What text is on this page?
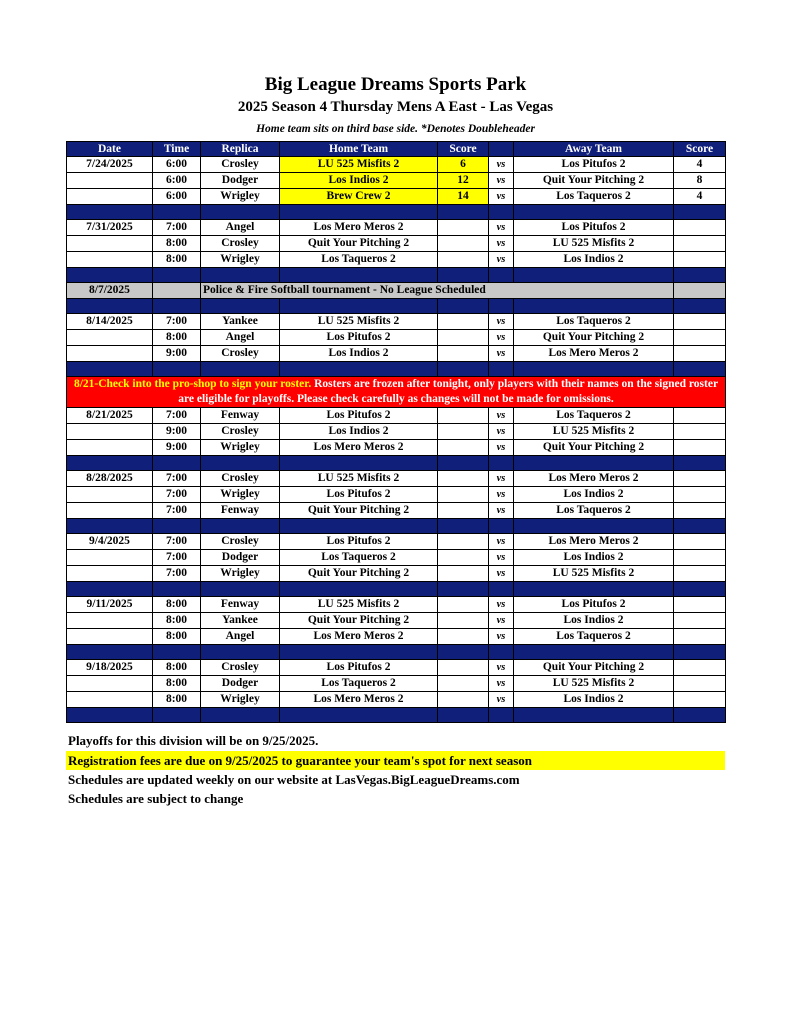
Big League Dreams Sports Park
2025 Season 4 Thursday Mens A East - Las Vegas
Home team sits on third base side. *Denotes Doubleheader
Date	Time	Replica	Home Team	Score		Away Team	Score
7/24/2025	6:00	Crosley	LU 525 Misfits 2	6	vs	Los Pitufos 2	4
	6:00	Dodger	Los Indios 2	12	vs	Quit Your Pitching 2	8
	6:00	Wrigley	Brew Crew 2	14	vs	Los Taqueros 2	4

7/31/2025	7:00	Angel	Los Mero Meros 2		vs	Los Pitufos 2	
	8:00	Crosley	Quit Your Pitching 2		vs	LU 525 Misfits 2	
	8:00	Wrigley	Los Taqueros 2		vs	Los Indios 2	

8/7/2025		Police & Fire Softball tournament - No League Scheduled					

8/14/2025	7:00	Yankee	LU 525 Misfits 2		vs	Los Taqueros 2	
	8:00	Angel	Los Pitufos 2		vs	Quit Your Pitching 2	
	9:00	Crosley	Los Indios 2		vs	Los Mero Meros 2	

8/21-Check into the pro-shop to sign your roster. Rosters are frozen after tonight, only players with their names on the signed roster are eligible for playoffs. Please check carefully as changes will not be made for omissions.							
8/21/2025	7:00	Fenway	Los Pitufos 2		vs	Los Taqueros 2	
	9:00	Crosley	Los Indios 2		vs	LU 525 Misfits 2	
	9:00	Wrigley	Los Mero Meros 2		vs	Quit Your Pitching 2	

8/28/2025	7:00	Crosley	LU 525 Misfits 2		vs	Los Mero Meros 2	
	7:00	Wrigley	Los Pitufos 2		vs	Los Indios 2	
	7:00	Fenway	Quit Your Pitching 2		vs	Los Taqueros 2	

9/4/2025	7:00	Crosley	Los Pitufos 2		vs	Los Mero Meros 2	
	7:00	Dodger	Los Taqueros 2		vs	Los Indios 2	
	7:00	Wrigley	Quit Your Pitching 2		vs	LU 525 Misfits 2	

9/11/2025	8:00	Fenway	LU 525 Misfits 2		vs	Los Pitufos 2	
	8:00	Yankee	Quit Your Pitching 2		vs	Los Indios 2	
	8:00	Angel	Los Mero Meros 2		vs	Los Taqueros 2	

9/18/2025	8:00	Crosley	Los Pitufos 2		vs	Quit Your Pitching 2	
	8:00	Dodger	Los Taqueros 2		vs	LU 525 Misfits 2	
	8:00	Wrigley	Los Mero Meros 2		vs	Los Indios 2	

Playoffs for this division will be on 9/25/2025.
Registration fees are due on 9/25/2025 to guarantee your team's spot for next season
Schedules are updated weekly on our website at LasVegas.BigLeagueDreams.com
Schedules are subject to change
